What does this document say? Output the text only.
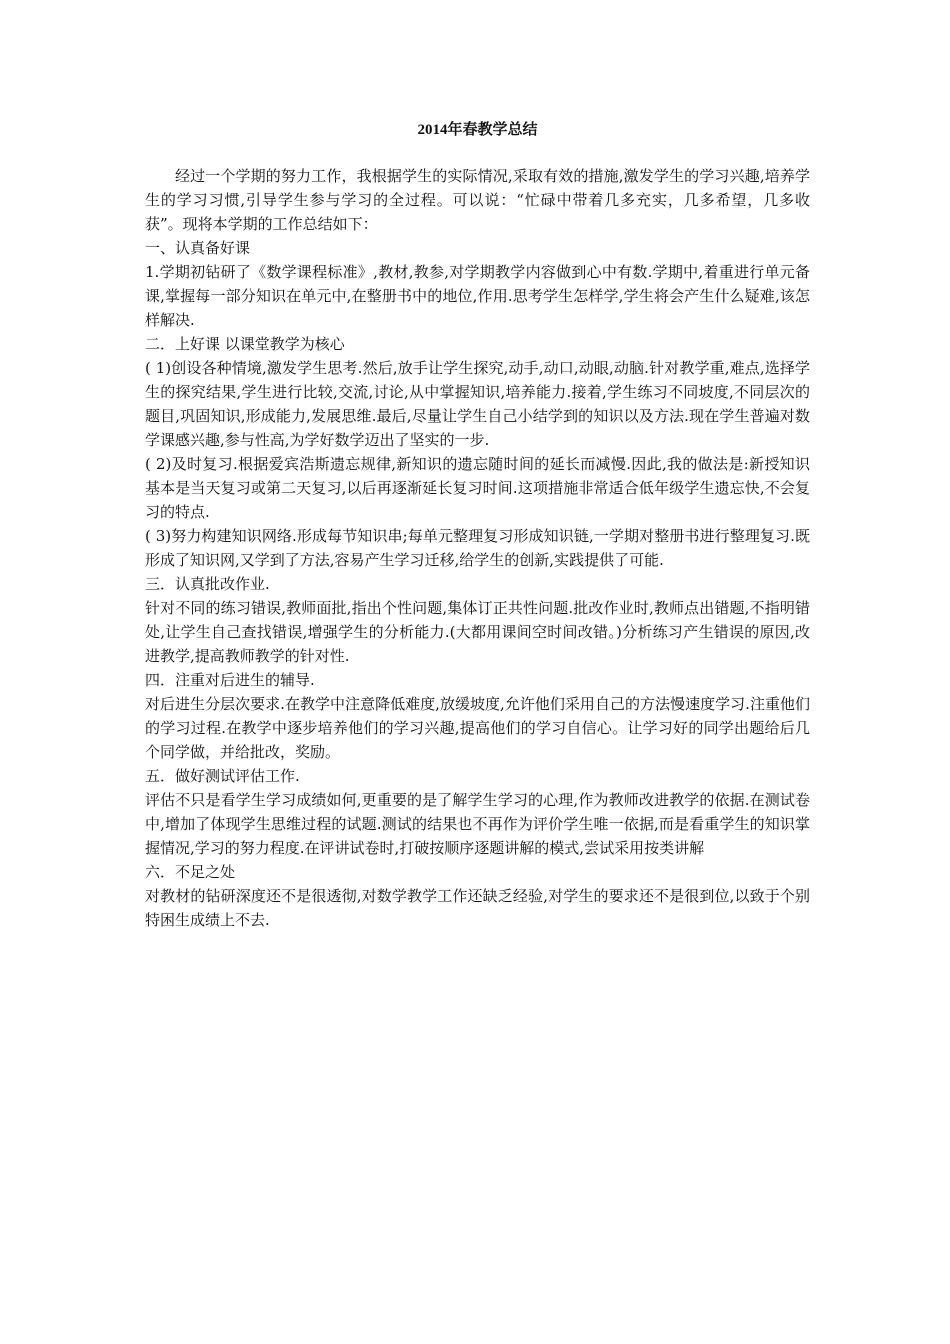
2014年春教学总结

经过一个学期的努力工作，我根据学生的实际情况,采取有效的措施,激发学生的学习兴趣,培养学生的学习习惯,引导学生参与学习的全过程。可以说：“忙碌中带着几多充实，几多希望，几多收获”。现将本学期的工作总结如下：

一、认真备好课

1.学期初钻研了《数学课程标准》,教材,教参,对学期教学内容做到心中有数.学期中,着重进行单元备课,掌握每一部分知识在单元中,在整册书中的地位,作用.思考学生怎样学,学生将会产生什么疑难,该怎样解决.

二．上好课 以课堂教学为核心

( 1)创设各种情境,激发学生思考.然后,放手让学生探究,动手,动口,动眼,动脑.针对教学重,难点,选择学生的探究结果,学生进行比较,交流,讨论,从中掌握知识,培养能力.接着,学生练习不同坡度,不同层次的题目,巩固知识,形成能力,发展思维.最后,尽量让学生自己小结学到的知识以及方法.现在学生普遍对数学课感兴趣,参与性高,为学好数学迈出了坚实的一步.

( 2)及时复习.根据爱宾浩斯遗忘规律,新知识的遗忘随时间的延长而减慢.因此,我的做法是:新授知识基本是当天复习或第二天复习,以后再逐渐延长复习时间.这项措施非常适合低年级学生遗忘快,不会复习的特点.

( 3)努力构建知识网络.形成每节知识串;每单元整理复习形成知识链,一学期对整册书进行整理复习.既形成了知识网,又学到了方法,容易产生学习迁移,给学生的创新,实践提供了可能.

三．认真批改作业.

针对不同的练习错误,教师面批,指出个性问题,集体订正共性问题.批改作业时,教师点出错题,不指明错处,让学生自己查找错误,增强学生的分析能力.(大都用课间空时间改错。)分析练习产生错误的原因,改进教学,提高教师教学的针对性.

四．注重对后进生的辅导.

对后进生分层次要求.在教学中注意降低难度,放缓坡度,允许他们采用自己的方法慢速度学习.注重他们的学习过程.在教学中逐步培养他们的学习兴趣,提高他们的学习自信心。让学习好的同学出题给后几个同学做，并给批改，奖励。

五．做好测试评估工作.

评估不只是看学生学习成绩如何,更重要的是了解学生学习的心理,作为教师改进教学的依据.在测试卷中,增加了体现学生思维过程的试题.测试的结果也不再作为评价学生唯一依据,而是看重学生的知识掌握情况,学习的努力程度.在评讲试卷时,打破按顺序逐题讲解的模式,尝试采用按类讲解

六．不足之处

对教材的钻研深度还不是很透彻,对数学教学工作还缺乏经验,对学生的要求还不是很到位,以致于个别特困生成绩上不去.
